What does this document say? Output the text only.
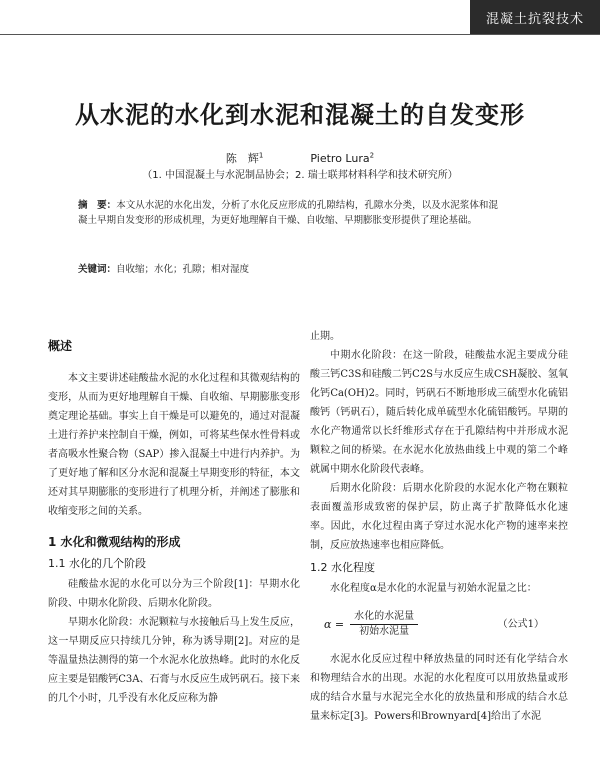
混凝土抗裂技术
从水泥的水化到水泥和混凝土的自发变形
陈　辉$^1$	Pietro Lura$^2$
（1. 中国混凝土与水泥制品协会；2. 瑞士联邦材料科学和技术研究所）
摘　要：本文从水泥的水化出发，分析了水化反应形成的孔隙结构，孔隙水分类，以及水泥浆体和混凝土早期自发变形的形成机理，为更好地理解自干燥、自收缩、早期膨胀变形提供了理论基础。
关键词：自收缩；水化；孔隙；相对湿度
概述

本文主要讲述硅酸盐水泥的水化过程和其微观结构的变形，从而为更好地理解自干燥、自收缩、早期膨胀变形奠定理论基础。事实上自干燥是可以避免的，通过对混凝土进行养护来控制自干燥，例如，可将某些保水性骨料或者高吸水性聚合物（SAP）掺入混凝土中进行内养护。为了更好地了解和区分水泥和混凝土早期变形的特征，本文还对其早期膨胀的变形进行了机理分析，并阐述了膨胀和收缩变形之间的关系。

1 水化和微观结构的形成
1.1 水化的几个阶段

硅酸盐水泥的水化可以分为三个阶段[1]：早期水化阶段、中期水化阶段、后期水化阶段。

早期水化阶段：水泥颗粒与水接触后马上发生反应，这一早期反应只持续几分钟，称为诱导期[2]。对应的是等温量热法测得的第一个水泥水化放热峰。此时的水化反应主要是铝酸钙C3A、石膏与水反应生成钙矾石。接下来的几个小时，几乎没有水化反应称为静

止期。

中期水化阶段：在这一阶段，硅酸盐水泥主要成分硅酸三钙C3S和硅酸二钙C2S与水反应生成CSH凝胶、氢氧化钙Ca(OH)2。同时，钙矾石不断地形成三硫型水化硫铝酸钙（钙矾石），随后转化成单硫型水化硫铝酸钙。早期的水化产物通常以长纤维形式存在于孔隙结构中并形成水泥颗粒之间的桥梁。在水泥水化放热曲线上中观的第二个峰就属中期水化阶段代表峰。

后期水化阶段：后期水化阶段的水泥水化产物在颗粒表面覆盖形成致密的保护层，防止离子扩散降低水化速率。因此，水化过程由离子穿过水泥水化产物的速率来控制，反应放热速率也相应降低。

1.2 水化程度

水化程度α是水化的水泥量与初始水泥量之比：

$\alpha = \frac{\text{水化的水泥量}}{\text{初始水泥量}}$	（公式1）

水泥水化反应过程中释放热量的同时还有化学结合水和物理结合水的出现。水泥的水化程度可以用放热量或形成的结合水量与水泥完全水化的放热量和形成的结合水总量来标定[3]。Powers和Brownyard[4]给出了水泥
